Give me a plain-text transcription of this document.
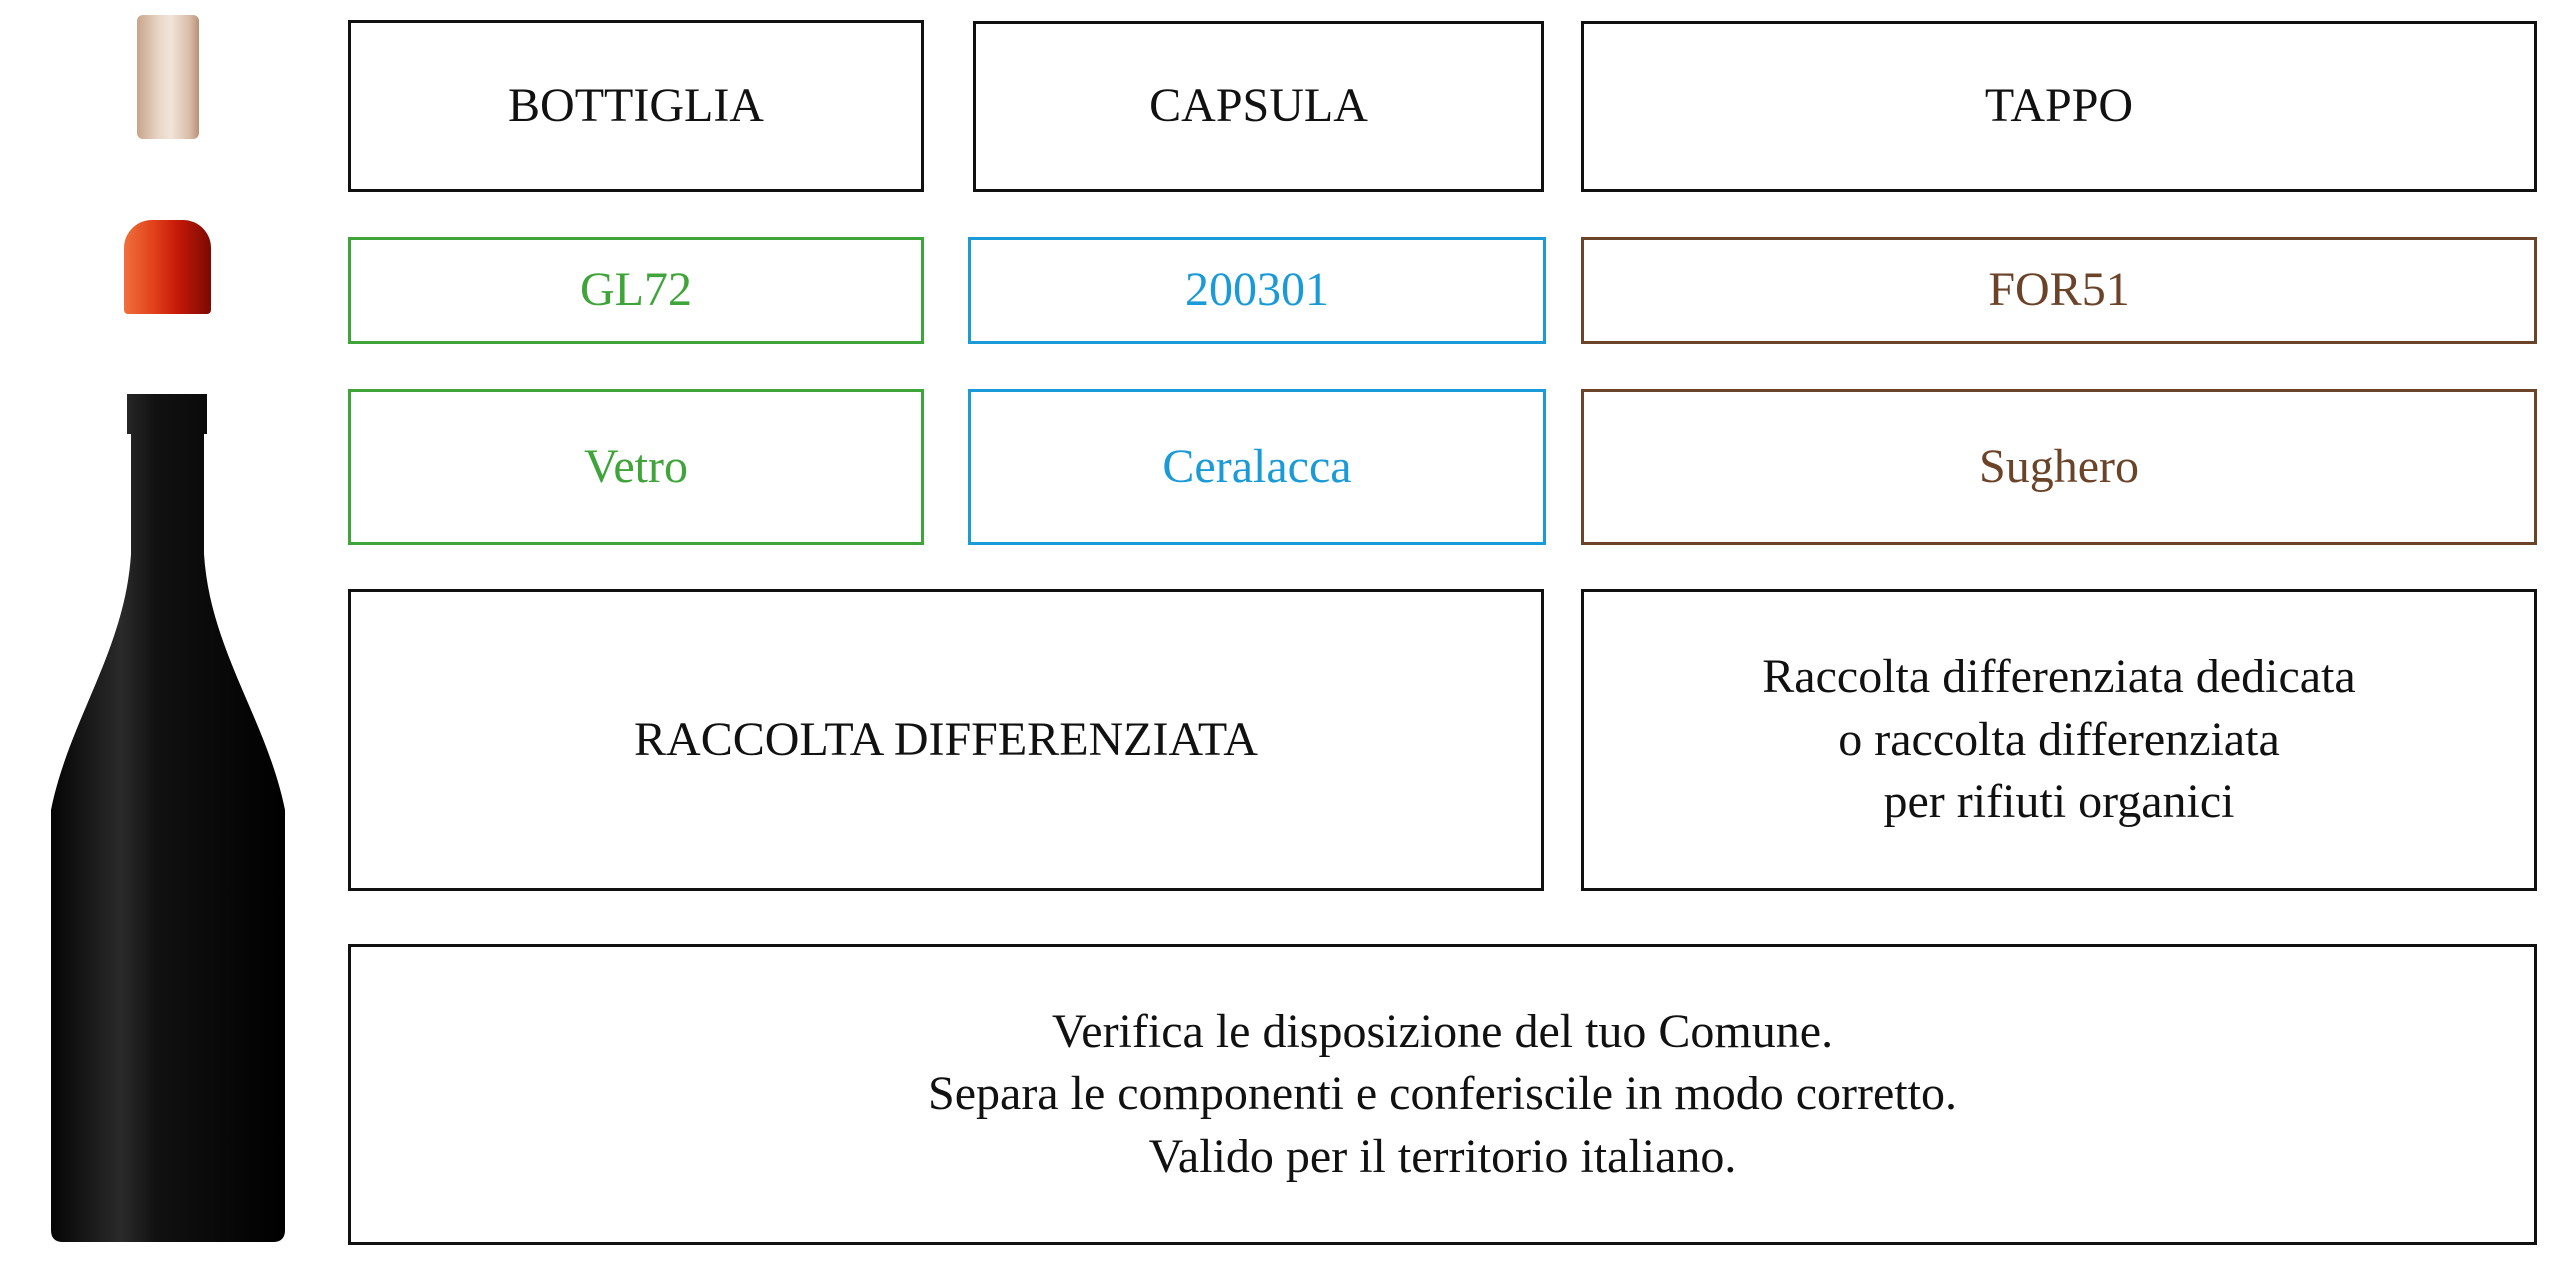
BOTTIGLIA	CAPSULA	TAPPO
GL72	200301	FOR51
Vetro	Ceralacca	Sughero
RACCOLTA DIFFERENZIATA
Raccolta differenziata dedicata
o raccolta differenziata
per rifiuti organici
Verifica le disposizione del tuo Comune.
Separa le componenti e conferiscile in modo corretto.
Valido per il territorio italiano.
